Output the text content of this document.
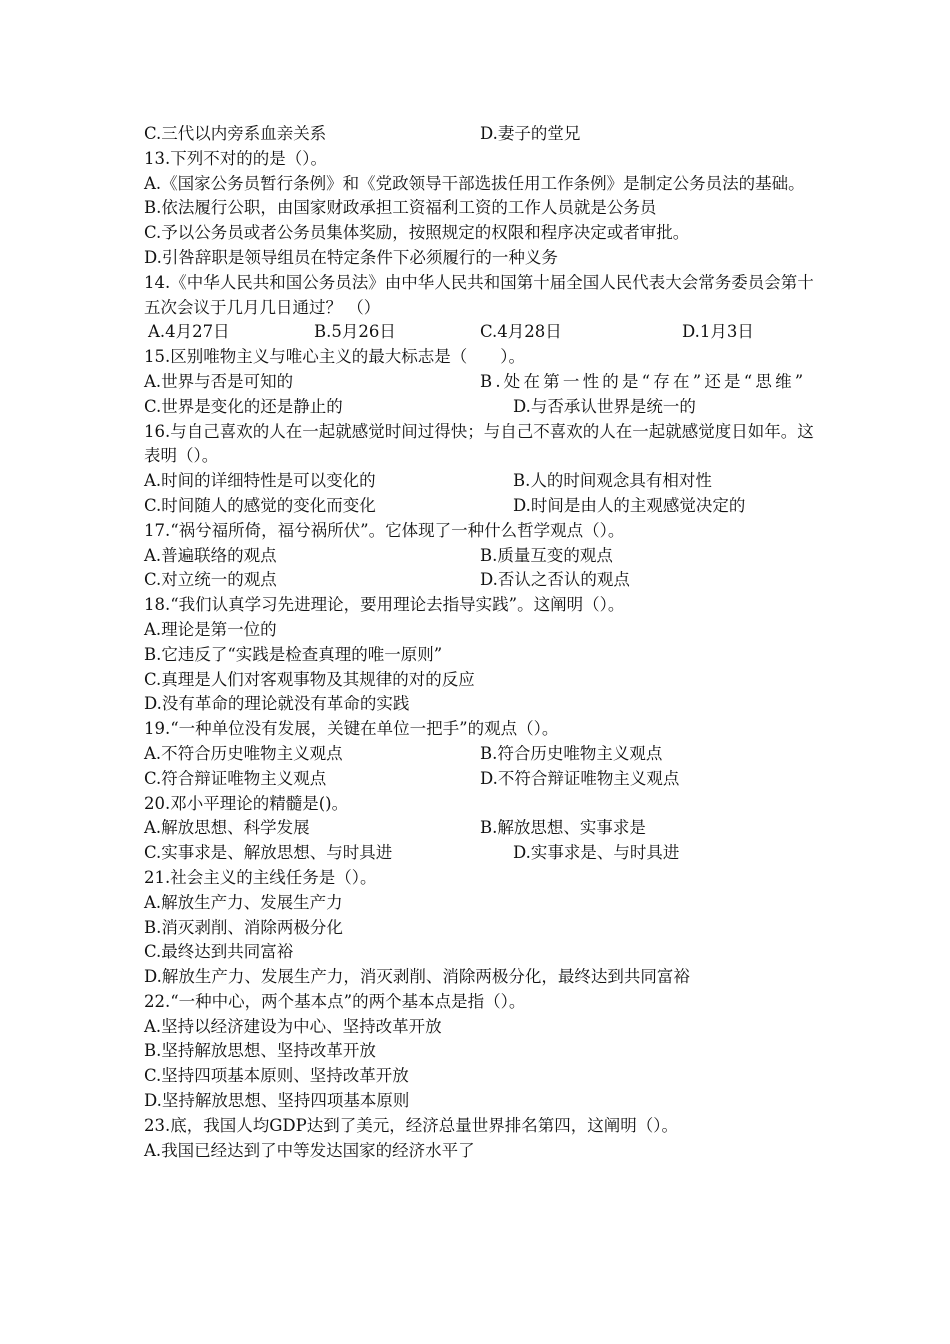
C.三代以内旁系血亲关系	D.妻子的堂兄
13.下列不对的的是（）。
A.《国家公务员暂行条例》和《党政领导干部选拔任用工作条例》是制定公务员法的基础。
B.依法履行公职，由国家财政承担工资福利工资的工作人员就是公务员
C.予以公务员或者公务员集体奖励，按照规定的权限和程序决定或者审批。
D.引咎辞职是领导组员在特定条件下必须履行的一种义务
14.《中华人民共和国公务员法》由中华人民共和国第十届全国人民代表大会常务委员会第十五次会议于几月几日通过？ （）
A.4月27日	B.5月26日	C.4月28日	D.1月3日
15.区别唯物主义与唯心主义的最大标志是（　　）。
A.世界与否是可知的	B.处在第一性的是“存在”还是“思维”
C.世界是变化的还是静止的	D.与否承认世界是统一的
16.与自己喜欢的人在一起就感觉时间过得快；与自己不喜欢的人在一起就感觉度日如年。这表明（）。
A.时间的详细特性是可以变化的	B.人的时间观念具有相对性
C.时间随人的感觉的变化而变化	D.时间是由人的主观感觉决定的
17.“祸兮福所倚，福兮祸所伏”。它体现了一种什么哲学观点（）。
A.普遍联络的观点	B.质量互变的观点
C.对立统一的观点	D.否认之否认的观点
18.“我们认真学习先进理论，要用理论去指导实践”。这阐明（）。
A.理论是第一位的
B.它违反了“实践是检查真理的唯一原则”
C.真理是人们对客观事物及其规律的对的反应
D.没有革命的理论就没有革命的实践
19.“一种单位没有发展，关键在单位一把手”的观点（）。
A.不符合历史唯物主义观点	B.符合历史唯物主义观点
C.符合辩证唯物主义观点	D.不符合辩证唯物主义观点
20.邓小平理论的精髓是()。
A.解放思想、科学发展	B.解放思想、实事求是
C.实事求是、解放思想、与时具进	D.实事求是、与时具进
21.社会主义的主线任务是（）。
A.解放生产力、发展生产力
B.消灭剥削、消除两极分化
C.最终达到共同富裕
D.解放生产力、发展生产力，消灭剥削、消除两极分化，最终达到共同富裕
22.“一种中心，两个基本点”的两个基本点是指（）。
A.坚持以经济建设为中心、坚持改革开放
B.坚持解放思想、坚持改革开放
C.坚持四项基本原则、坚持改革开放
D.坚持解放思想、坚持四项基本原则
23.底，我国人均GDP达到了美元，经济总量世界排名第四，这阐明（）。
A.我国已经达到了中等发达国家的经济水平了
